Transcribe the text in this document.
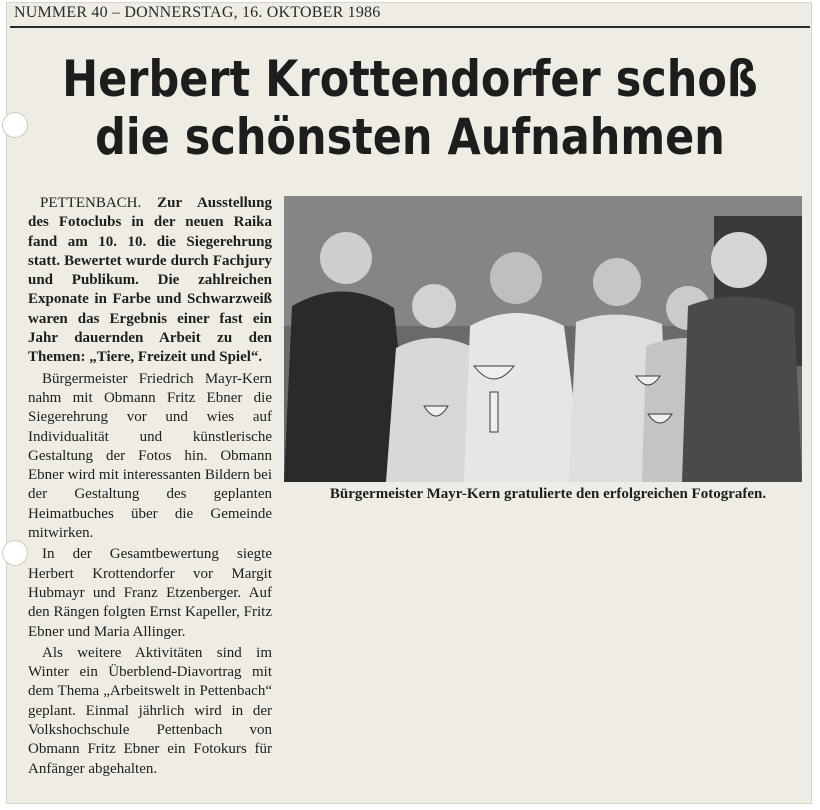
NUMMER 40 – DONNERSTAG, 16. OKTOBER 1986
Herbert Krottendorfer schoß
die schönsten Aufnahmen

PETTENBACH. Zur Ausstellung des Fotoclubs in der neuen Raika fand am 10. 10. die Siegerehrung statt. Bewertet wurde durch Fachjury und Publikum. Die zahlreichen Exponate in Farbe und Schwarzweiß waren das Ergebnis einer fast ein Jahr dauernden Arbeit zu den Themen: „Tiere, Freizeit und Spiel“.

Bürgermeister Friedrich Mayr-Kern nahm mit Obmann Fritz Ebner die Siegerehrung vor und wies auf Individualität und künstlerische Gestaltung der Fotos hin. Obmann Ebner wird mit interessanten Bildern bei der Gestaltung des geplanten Heimatbuches über die Gemeinde mitwirken.

In der Gesamtbewertung siegte Herbert Krottendorfer vor Margit Hubmayr und Franz Etzenberger. Auf den Rängen folgten Ernst Kapeller, Fritz Ebner und Maria Allinger.

Als weitere Aktivitäten sind im Winter ein Überblend-Diavortrag mit dem Thema „Arbeitswelt in Pettenbach“ geplant. Einmal jährlich wird in der Volkshochschule Pettenbach von Obmann Fritz Ebner ein Fotokurs für Anfänger abgehalten.

Bürgermeister Mayr-Kern gratulierte den erfolgreichen Fotografen.
